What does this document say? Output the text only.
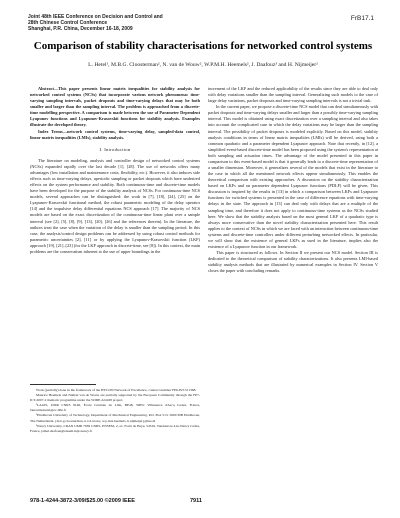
Joint 48th IEEE Conference on Decision and Control and
28th Chinese Control Conference
Shanghai, P.R. China, December 16-18, 2009
FrB17.1
Comparison of stability characterisations for networked control systems
L. Hetel¹, M.B.G. Cloosterman², N. van de Wouw², W.P.M.H. Heemels², J. Daafouz³ and H. Nijmeijer²

Abstract—This paper presents linear matrix inequalities for stability analysis for networked control systems (NCSs) that incorporate various network phenomena: time-varying sampling intervals, packet dropouts and time-varying delays that may be both smaller and larger than the sampling interval. The problem is approached from a discrete-time modelling perspective. A comparison is made between the use of Parameter Dependent Lyapunov functions and Lyapunov-Krasovskii functions for stability analysis. Examples illustrate the developed theory.

Index Terms—network control systems, time-varying delay, sampled-data control, linear matrix inequalities (LMIs), stability analysis.

I. Introduction

The literature on modeling, analysis and controller design of networked control systems (NCSs) expanded rapidly over the last decade [1], [28]. The use of networks offers many advantages (low installation and maintenance costs, flexibility, etc.). However, it also induces side effects such as time-varying delays, aperiodic sampling or packet dropouts which have undesired effects on the system performance and stability. Both continuous-time and discrete-time models have been developed for the purpose of the stability analysis of NCSs. For continuous-time NCS models, several approaches can be distinguished: the work in [7], [18], [24], [25] on the Lyapunov-Krasovskii functional method, the robust parametric modeling of the delay operator [14] and the impulsive delay differential equations NCS approach [17]. The majority of NCS models are based on the exact discretization of the continuous-time linear plant over a sample interval (see [2], [5], [8], [9], [13], [20], [26] and the references therein). In the literature, the authors treat the case when the variation of the delay is smaller than the sampling period. In this case, the analysis/control design problems can be addressed by using robust control methods for parametric uncertainties [2], [11] or by applying the Lyapunov-Krasovskii function (LKF) approach [19], [21]–[23] (for the LKF approach in discrete-time, see [8]). In this context, the main problems are the conservatism inherent to the use of upper boundings in the

Work (partially) done in the framework of the HYCON Network of Excellence, contract number FP6-IST-511368.

Maurice Heemels and Nathan van de Wouw are partially supported by the European Community through the FP7-ICT-2007-2 thematic programme under the WIDE-224168 project.

¹LAGIS, UMR CNRS 8146, École Centrale de Lille, BP48, 59651 Villeneuve d'Ascq Cedex, France, laurentiu.hetel@ec-lille.fr

²Eindhoven University of Technology, Department of Mechanical Engineering, P.O. Box 513, 5600 MB Eindhoven, The Netherlands, {m.b.g.cloosterman, n.v.d.wouw, w.p.m.h.heemels, h.nijmeijer}@tue.nl

³Nancy University, CRAN UMR 7039 CNRS, ENSEM, 2, av. Forêt de Haye, 54516, Vandœuvre-Lès-Nancy Cedex, France, jamal.daafouz@ensem.inpl-nancy.fr

increment of the LKF and the reduced applicability of the results since they are able to deal only with delay variations smaller than the sampling interval. Generalizing such models to the case of large delay variations, packet dropouts and time-varying sampling intervals is not a trivial task.

In the current paper, we propose a discrete-time NCS model that can deal simultaneously with packet dropouts and time-varying delays smaller and larger than a possibly time-varying sampling interval. This model is obtained using exact discretization over a sampling interval and also takes into account the complicated case in which the delay variations may be larger than the sampling interval. The possibility of packet dropouts is modeled explicitly. Based on this model, stability analysis conditions in terms of linear matrix inequalities (LMIs) will be derived, using both a common quadratic and a parameter dependent Lyapunov approach. Note that recently, in [12], a simplified event-based discrete-time model has been proposed using the system's representation at both sampling and actuation times. The advantage of the model presented in this paper in comparison to this event-based model is that it generally leads to a discrete-time representation of a smaller dimension. Moreover, it generalizes several of the models that exist in the literature to the case in which all the mentioned network effects appear simultaneously. This enables the theoretical comparison with existing approaches. A discussion on the stability characterization based on LKFs and on parameter dependent Lyapunov functions (PDLF) will be given. This discussion is inspired by the results in [13] in which a comparison between LKFs and Lyapunov functions for switched systems is presented in the case of difference equations with time-varying delays in the state. The approach in [13] can deal only with delays that are a multiple of the sampling time, and therefore it does not apply to continuous-time systems as the NCSs studied here. We show that the stability analysis based on the most general LKF of a quadratic type is always more conservative than the novel stability characterization presented here. This result applies to the context of NCSs in which we are faced with an interaction between continuous-time systems and discrete-time controllers under different perturbing networked effects. In particular, we will show that the existence of general LKFs as used in the literature, implies also the existence of a Lyapunov function in our framework.

This paper is structured as follows. In Section II we present our NCS model. Section III is dedicated to the theoretical comparison of stability characterizations. It also presents LMI-based stability analysis methods that are illustrated by numerical examples in Section IV. Section V closes the paper with concluding remarks.

978-1-4244-3872-3/09/$25.00 ©2009 IEEE	7911
